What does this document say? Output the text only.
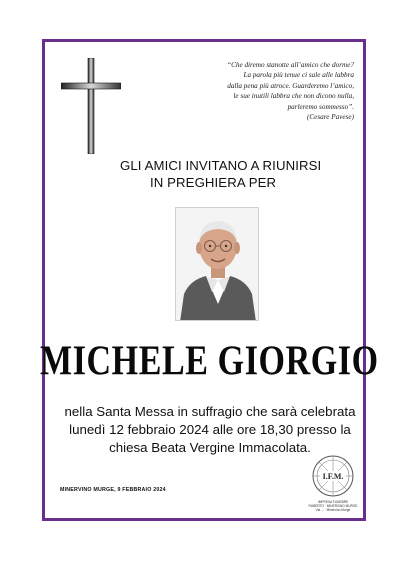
“Che diremo stanotte all’amico che dorme?
La parola più tenue ci sale alle labbra
dalla pena più atroce. Guarderemo l’amico,
le sue inutili labbra che non dicono nulla,
parleremo sommesso”.
(Cesare Pavese)
GLI AMICI INVITANO A RIUNIRSI
IN PREGHIERA PER
MICHELE GIORGIO
nella Santa Messa in suffragio che sarà celebrata
lunedì 12 febbraio 2024 alle ore 18,30 presso la
chiesa Beata Vergine Immacolata.
MINERVINO MURGE, 9 FEBBRAIO 2024
I.F.M.
IMPRESA FUNEBRE
RUBERTO · MINERVINO MURGE
Via ... · Minervino Murge
